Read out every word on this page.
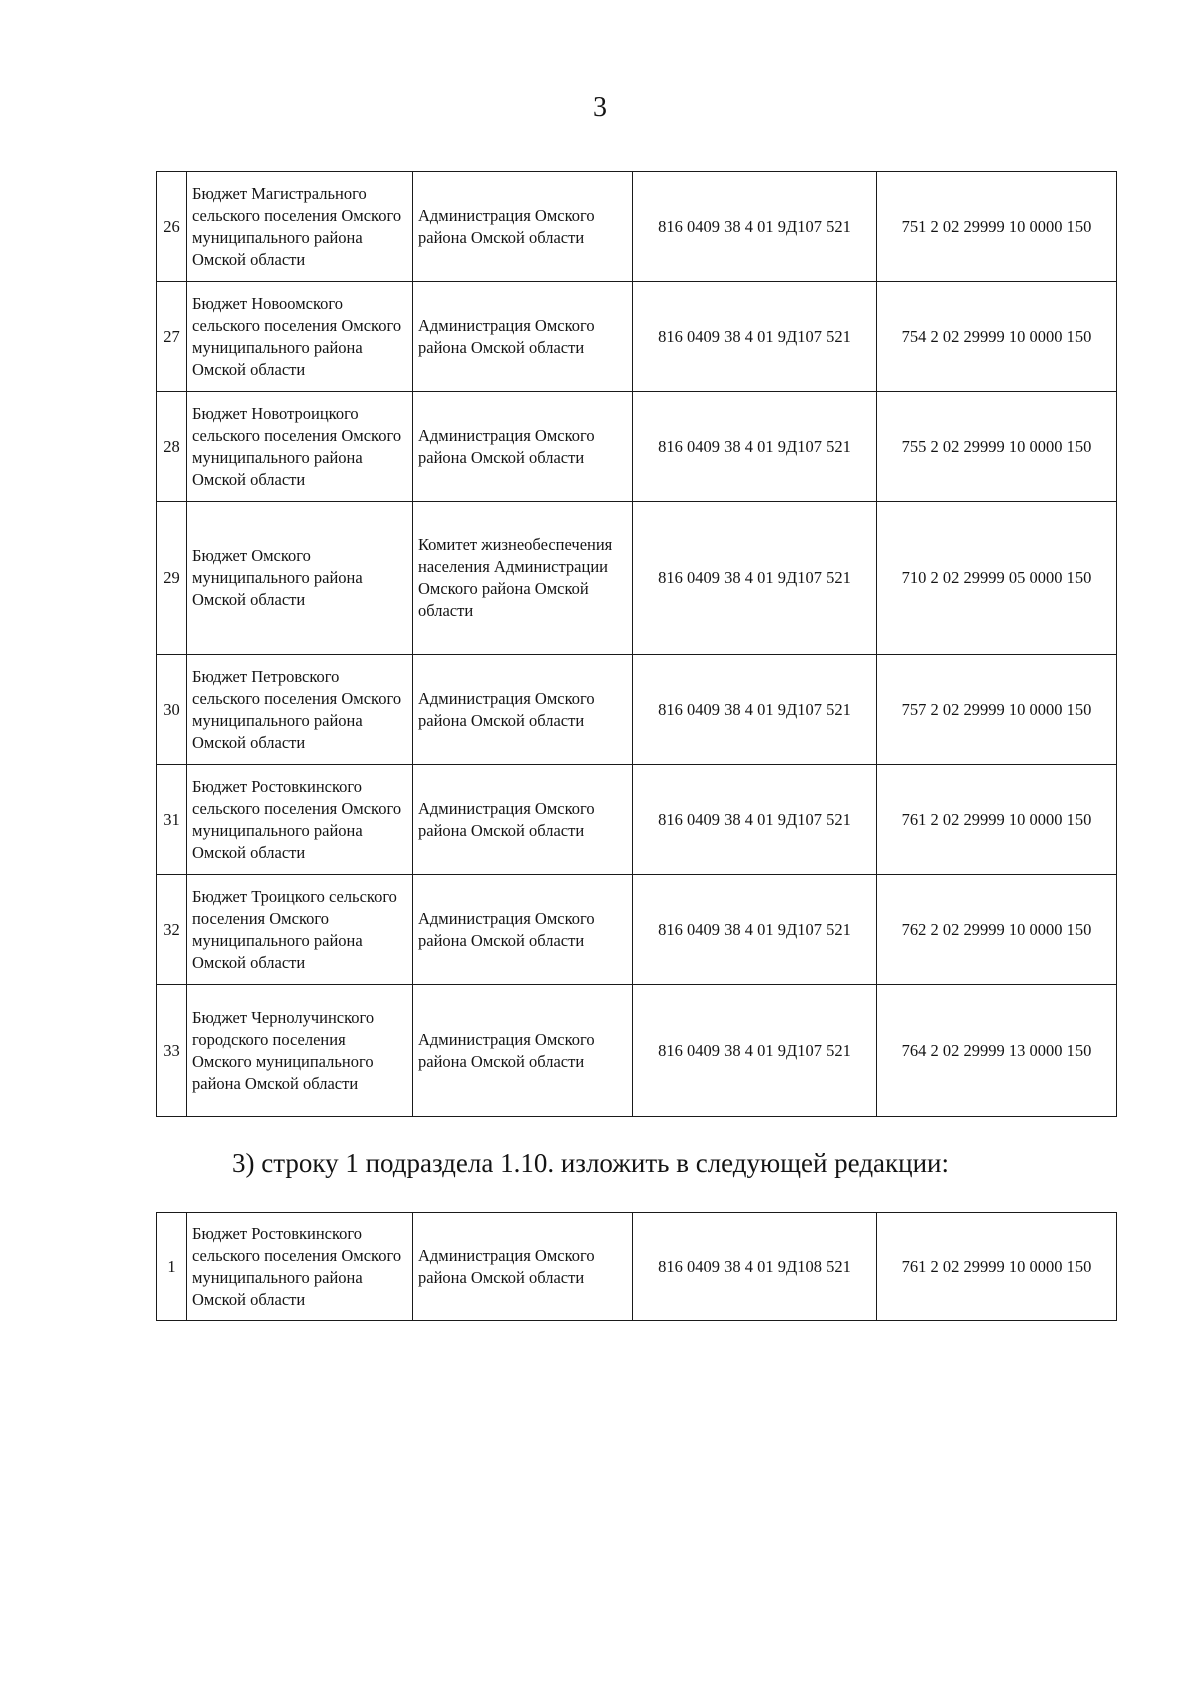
3
26	Бюджет Магистрального сельского поселения Омского муниципального района Омской области	Администрация Омского района Омской области	816 0409 38 4 01 9Д107 521	751 2 02 29999 10 0000 150
27	Бюджет Новоомского сельского поселения Омского муниципального района Омской области	Администрация Омского района Омской области	816 0409 38 4 01 9Д107 521	754 2 02 29999 10 0000 150
28	Бюджет Новотроицкого сельского поселения Омского муниципального района Омской области	Администрация Омского района Омской области	816 0409 38 4 01 9Д107 521	755 2 02 29999 10 0000 150
29	Бюджет Омского муниципального района Омской области	Комитет жизнеобеспечения населения Администрации Омского района Омской области	816 0409 38 4 01 9Д107 521	710 2 02 29999 05 0000 150
30	Бюджет Петровского сельского поселения Омского муниципального района Омской области	Администрация Омского района Омской области	816 0409 38 4 01 9Д107 521	757 2 02 29999 10 0000 150
31	Бюджет Ростовкинского сельского поселения Омского муниципального района Омской области	Администрация Омского района Омской области	816 0409 38 4 01 9Д107 521	761 2 02 29999 10 0000 150
32	Бюджет Троицкого сельского поселения Омского муниципального района Омской области	Администрация Омского района Омской области	816 0409 38 4 01 9Д107 521	762 2 02 29999 10 0000 150
33	Бюджет Чернолучинского городского поселения Омского муниципального района Омской области	Администрация Омского района Омской области	816 0409 38 4 01 9Д107 521	764 2 02 29999 13 0000 150
3) строку 1 подраздела 1.10. изложить в следующей редакции:
1	Бюджет Ростовкинского сельского поселения Омского муниципального района Омской области	Администрация Омского района Омской области	816 0409 38 4 01 9Д108 521	761 2 02 29999 10 0000 150
